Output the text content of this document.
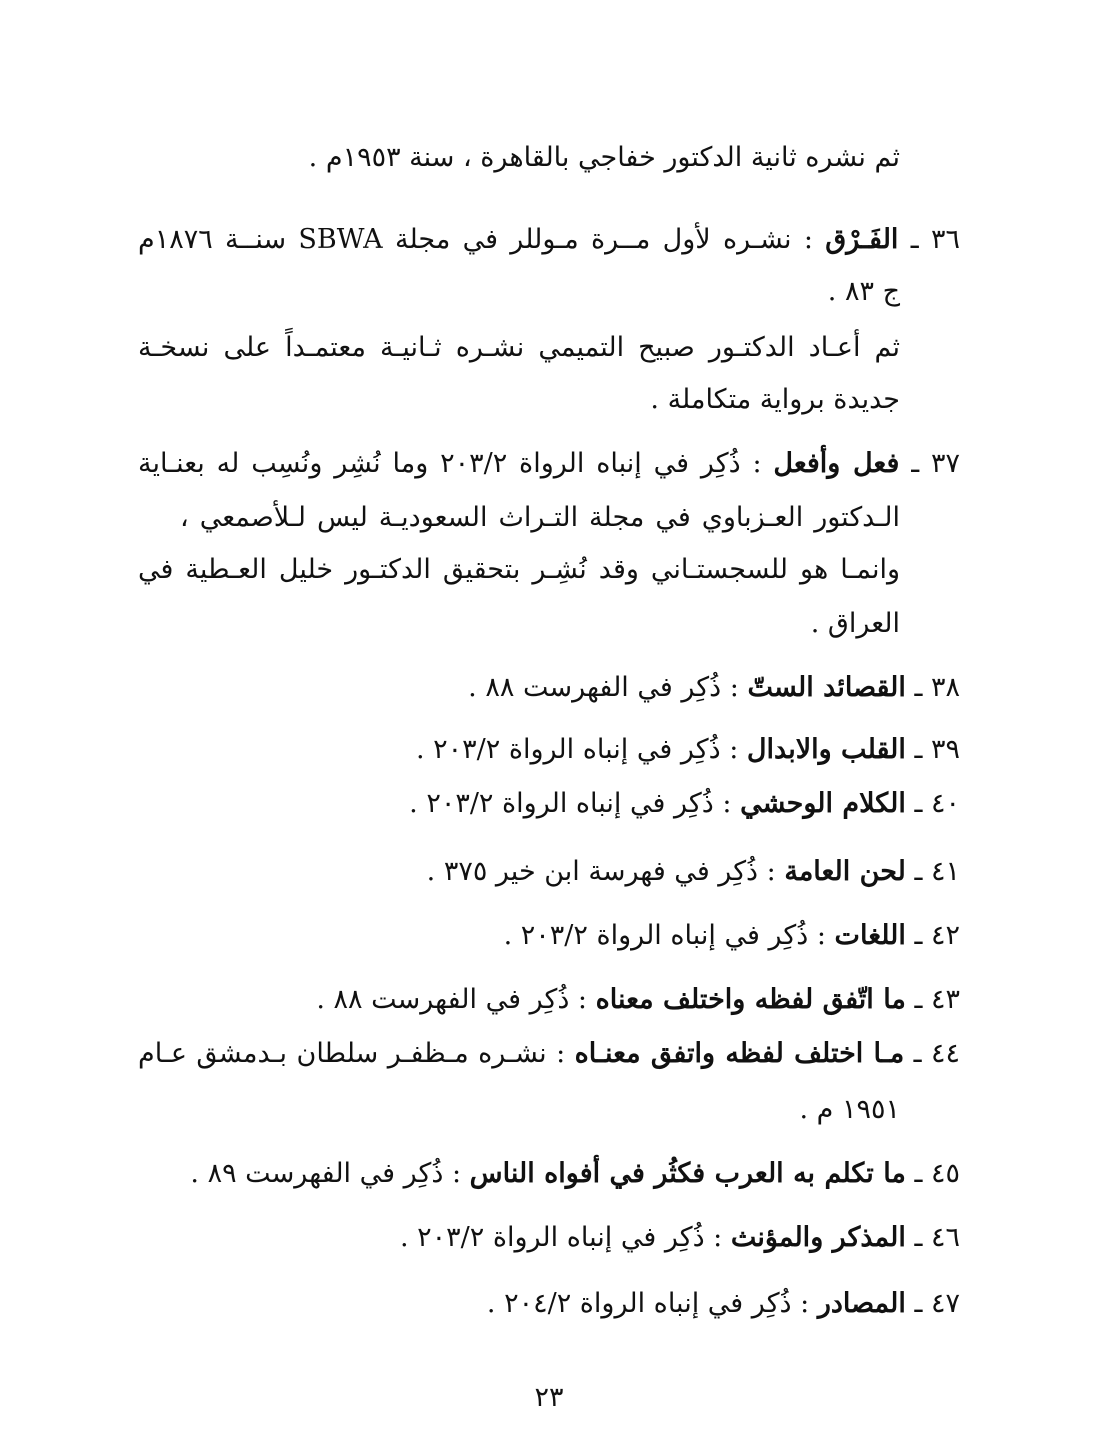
ثم نشره ثانية الدكتور خفاجي بالقاهرة ، سنة ١٩٥٣م .
٣٦ ـ الفَـرْق : نشـره لأول مــرة مـوللر في مجلة SBWA سنــة ١٨٧٦م
ج ٨٣ .
ثم أعـاد الدكتـور صبيح التميمي نشـره ثـانيـة معتمـداً على نسخـة
جديدة برواية متكاملة .
٣٧ ـ فعل وأفعل : ذُكِر في إنباه الرواة ٢٠٣/٢ وما نُشِر ونُسِب له بعنـاية
الـدكتور العـزباوي في مجلة التـراث السعوديـة ليس لـلأصمعي ،
وانمـا هو للسجستـاني وقد نُشِـر بتحقيق الدكتـور خليل العـطية في
العراق .
٣٨ ـ القصائد الستّ : ذُكِر في الفهرست ٨٨ .
٣٩ ـ القلب والابدال : ذُكِر في إنباه الرواة ٢٠٣/٢ .
٤٠ ـ الكلام الوحشي : ذُكِر في إنباه الرواة ٢٠٣/٢ .
٤١ ـ لحن العامة : ذُكِر في فهرسة ابن خير ٣٧٥ .
٤٢ ـ اللغات : ذُكِر في إنباه الرواة ٢٠٣/٢ .
٤٣ ـ ما اتّفق لفظه واختلف معناه : ذُكِر في الفهرست ٨٨ .
٤٤ ـ مـا اختلف لفظه واتفق معنـاه : نشـره مـظفـر سلطان بـدمشق عـام
١٩٥١ م .
٤٥ ـ ما تكلم به العرب فكثُر في أفواه الناس : ذُكِر في الفهرست ٨٩ .
٤٦ ـ المذكر والمؤنث : ذُكِر في إنباه الرواة ٢٠٣/٢ .
٤٧ ـ المصادر : ذُكِر في إنباه الرواة ٢٠٤/٢ .
٢٣
